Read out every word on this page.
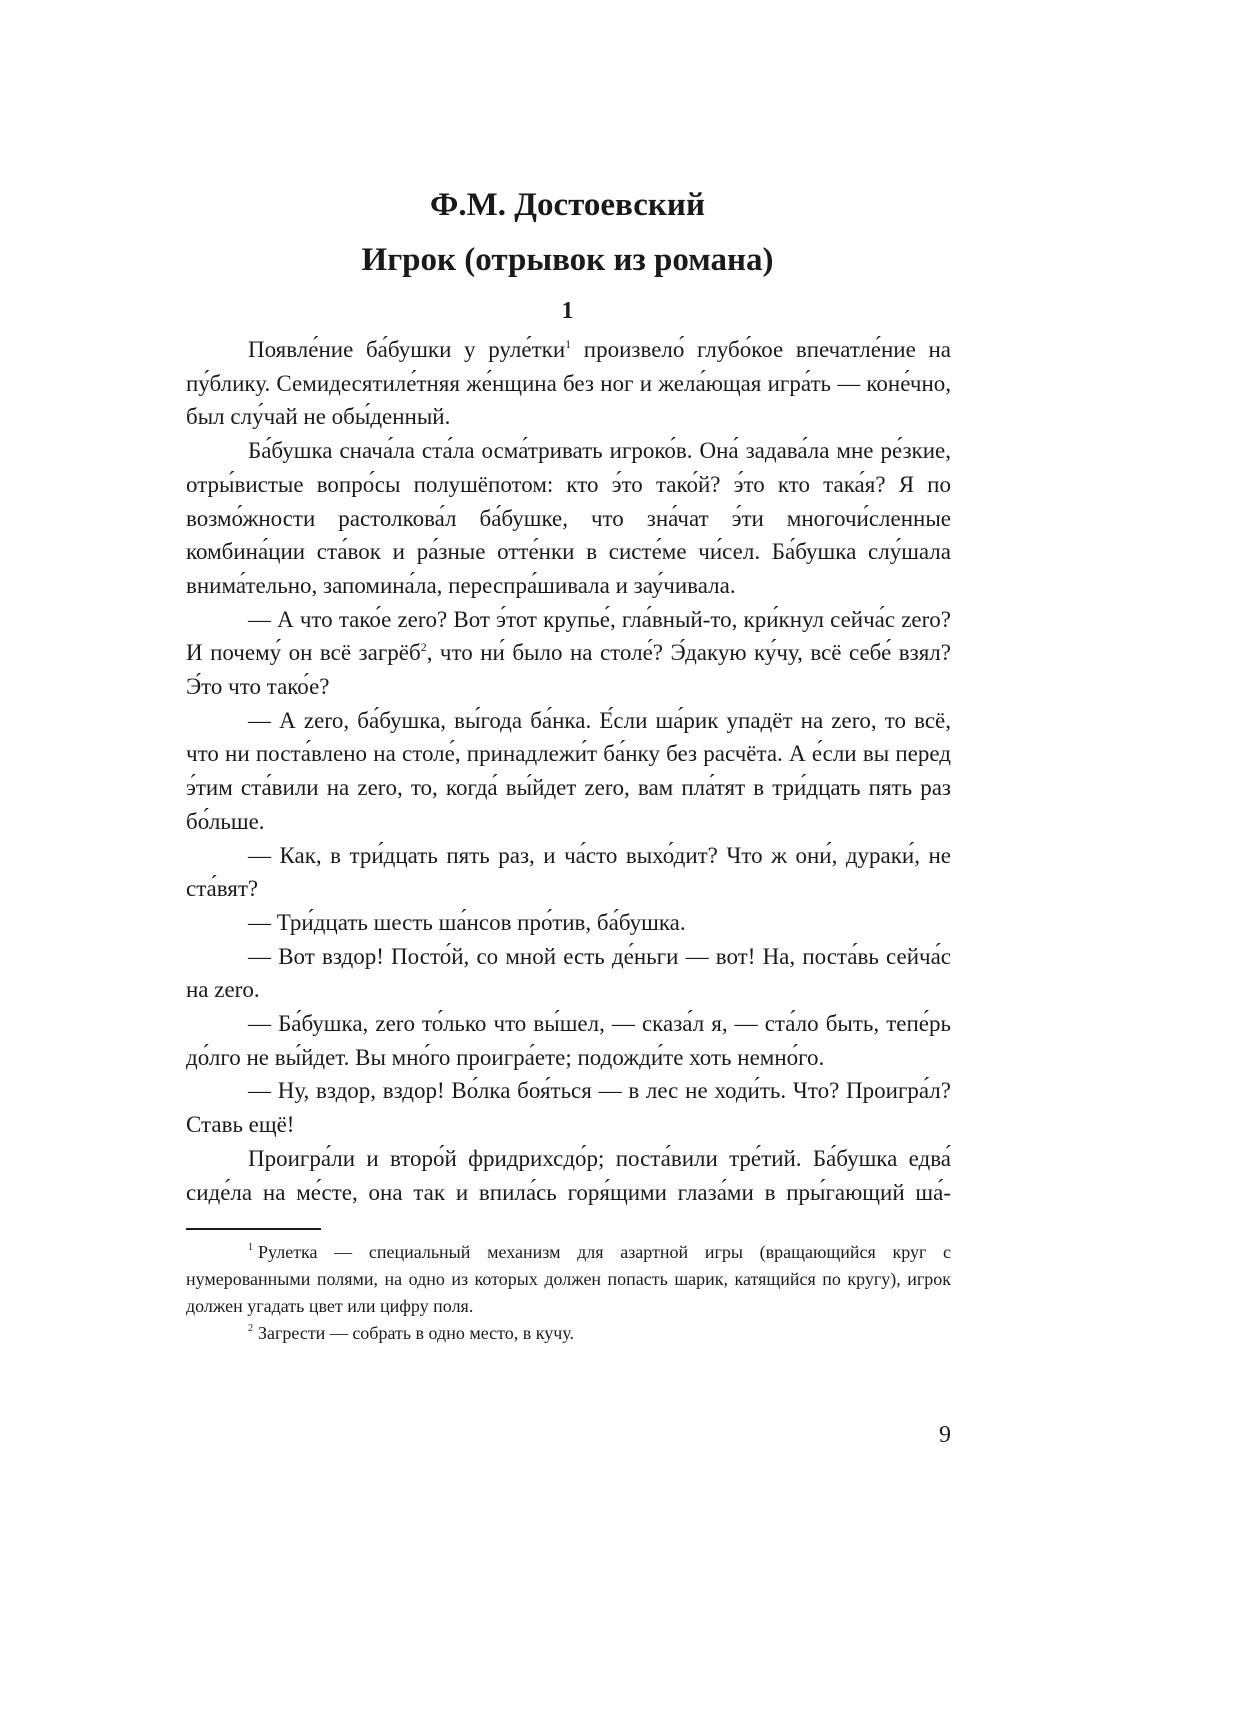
Ф.М. Достоевский
Игрок (отрывок из романа)
1

Появле́ние ба́бушки у руле́тки$^1$ произвело́ глубо́кое впечатле́ние на пу́блику. Семидесятиле́тняя же́нщина без ног и жела́ющая игра́ть — коне́чно, был слу́чай не обы́денный.

Ба́бушка снача́ла ста́ла осма́тривать игроко́в. Она́ задава́ла мне ре́зкие, отры́вистые вопро́сы полушёпотом: кто э́то тако́й? э́то кто така́я? Я по возмо́жности растолкова́л ба́бушке, что зна́чат э́ти многочи́сленные комбина́ции ста́вок и ра́зные отте́нки в систе́ме чи́сел. Ба́бушка слу́шала внима́тельно, запомина́ла, переспра́шивала и зау́чивала.

— А что тако́е zero? Вот э́тот крупье́, гла́вный-то, кри́кнул сейча́с zero? И почему́ он всё загрёб$^2$, что ни́ было на столе́? Э́дакую ку́чу, всё себе́ взял? Э́то что тако́е?

— А zero, ба́бушка, вы́года ба́нка. Е́сли ша́рик упадёт на zero, то всё, что ни поста́влено на столе́, принадлежи́т ба́нку без расчёта. А е́сли вы перед э́тим ста́вили на zero, то, когда́ вы́йдет zero, вам пла́тят в три́дцать пять раз бо́льше.

— Как, в три́дцать пять раз, и ча́сто выхо́дит? Что ж они́, дураки́, не ста́вят?

— Три́дцать шесть ша́нсов про́тив, ба́бушка.

— Вот вздор! Посто́й, со мной есть де́ньги — вот! На, поста́вь сейча́с на zero.

— Ба́бушка, zero то́лько что вы́шел, — сказа́л я, — ста́ло быть, тепе́рь до́лго не вы́йдет. Вы мно́го проигра́ете; подожди́те хоть немно́го.

— Ну, вздор, вздор! Во́лка боя́ться — в лес не ходи́ть. Что? Проигра́л? Ставь ещё!

Проигра́ли и второ́й фридрихсдо́р; поста́вили тре́тий. Ба́бушка едва́ сиде́ла на ме́сте, она так и впила́сь горя́щими глаза́ми в пры́гающий ша́-

$^1$ Рулетка — специальный механизм для азартной игры (вращающийся круг с нумерованными полями, на одно из которых должен попасть шарик, катящийся по кругу), игрок должен угадать цвет или цифру поля.

$^2$ Загрести — собрать в одно место, в кучу.

9
